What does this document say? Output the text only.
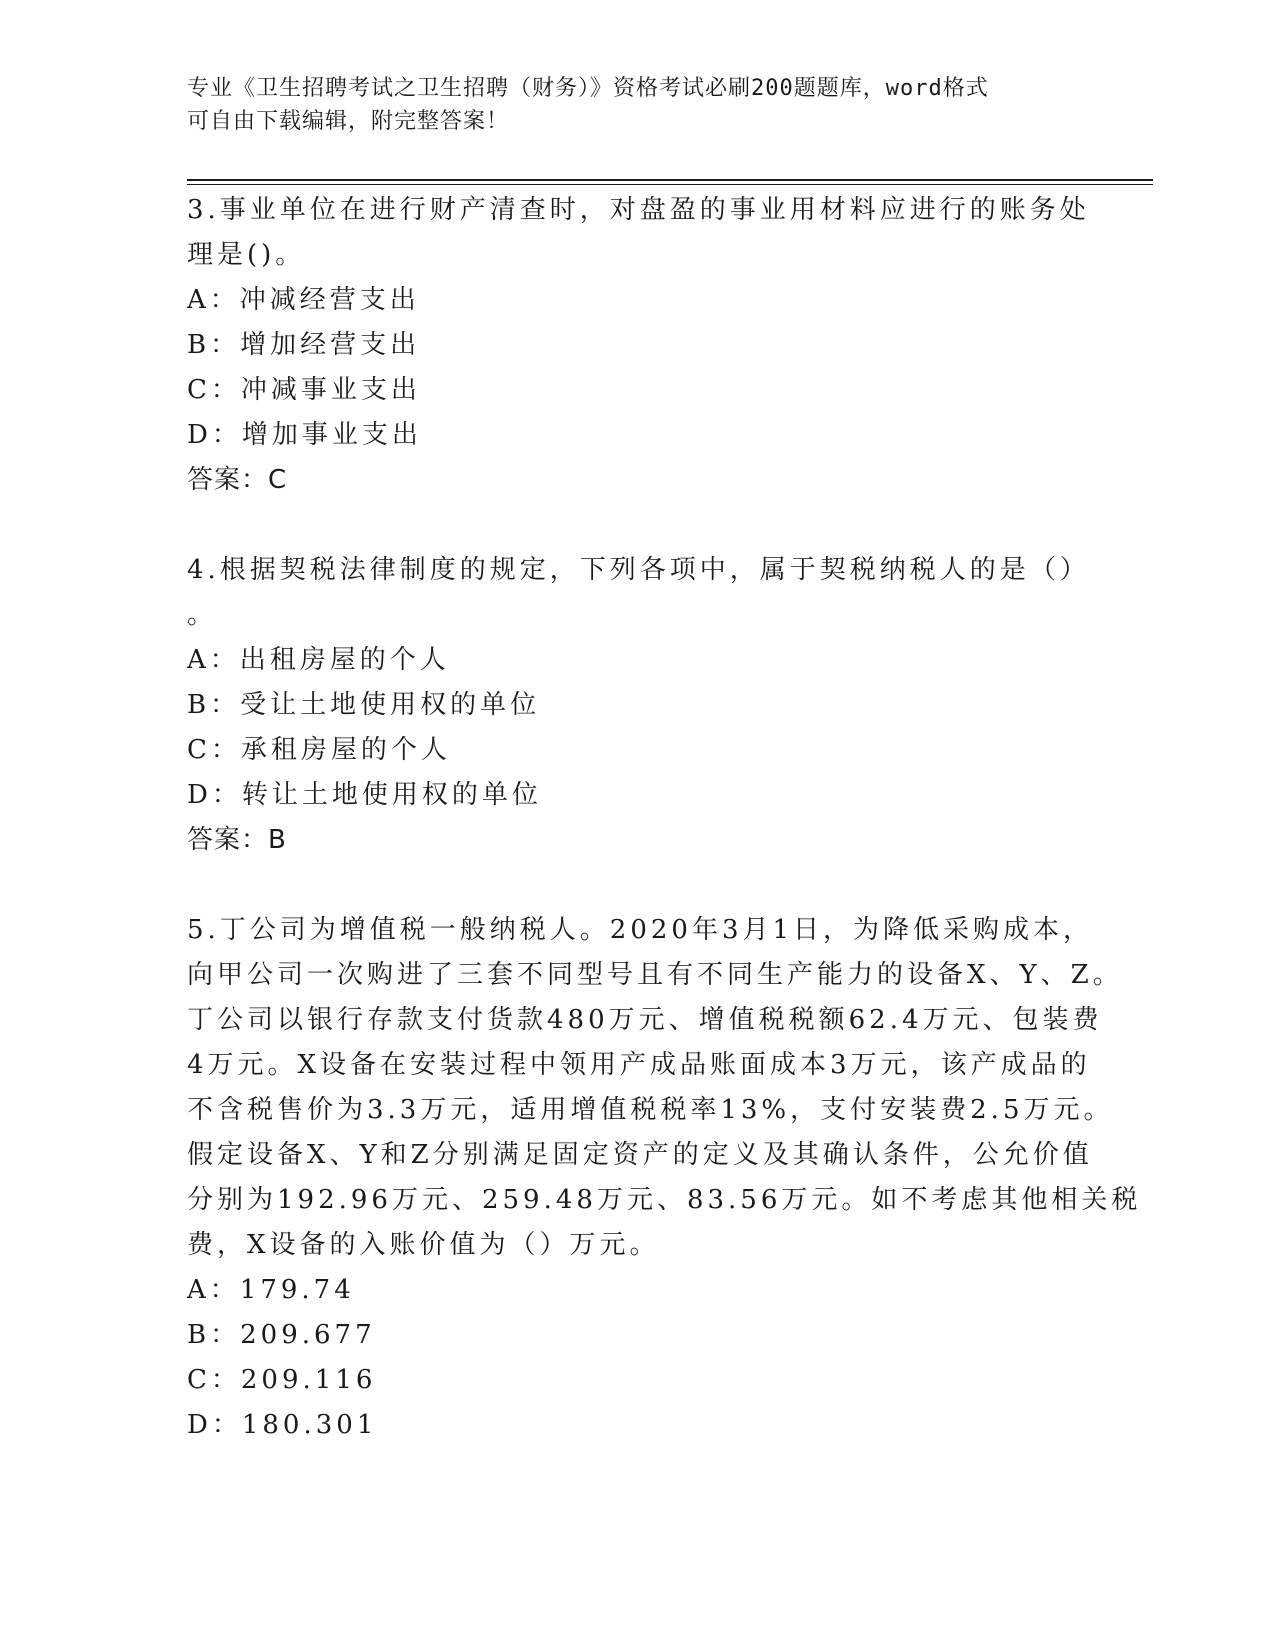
专业《卫生招聘考试之卫生招聘（财务）》资格考试必刷200题题库，word格式
可自由下载编辑，附完整答案！

3.事业单位在进行财产清查时，对盘盈的事业用材料应进行的账务处

理是()。

A：冲减经营支出

B：增加经营支出

C：冲减事业支出

D：增加事业支出

答案：C

4.根据契税法律制度的规定，下列各项中，属于契税纳税人的是（）

。

A：出租房屋的个人

B：受让土地使用权的单位

C：承租房屋的个人

D：转让土地使用权的单位

答案：B

5.丁公司为增值税一般纳税人。2020年3月1日，为降低采购成本，

向甲公司一次购进了三套不同型号且有不同生产能力的设备X、Y、Z。

丁公司以银行存款支付货款480万元、增值税税额62.4万元、包装费

4万元。X设备在安装过程中领用产成品账面成本3万元，该产成品的

不含税售价为3.3万元，适用增值税税率13%，支付安装费2.5万元。

假定设备X、Y和Z分别满足固定资产的定义及其确认条件，公允价值

分别为192.96万元、259.48万元、83.56万元。如不考虑其他相关税

费，X设备的入账价值为（）万元。

A：179.74

B：209.677

C：209.116

D：180.301
